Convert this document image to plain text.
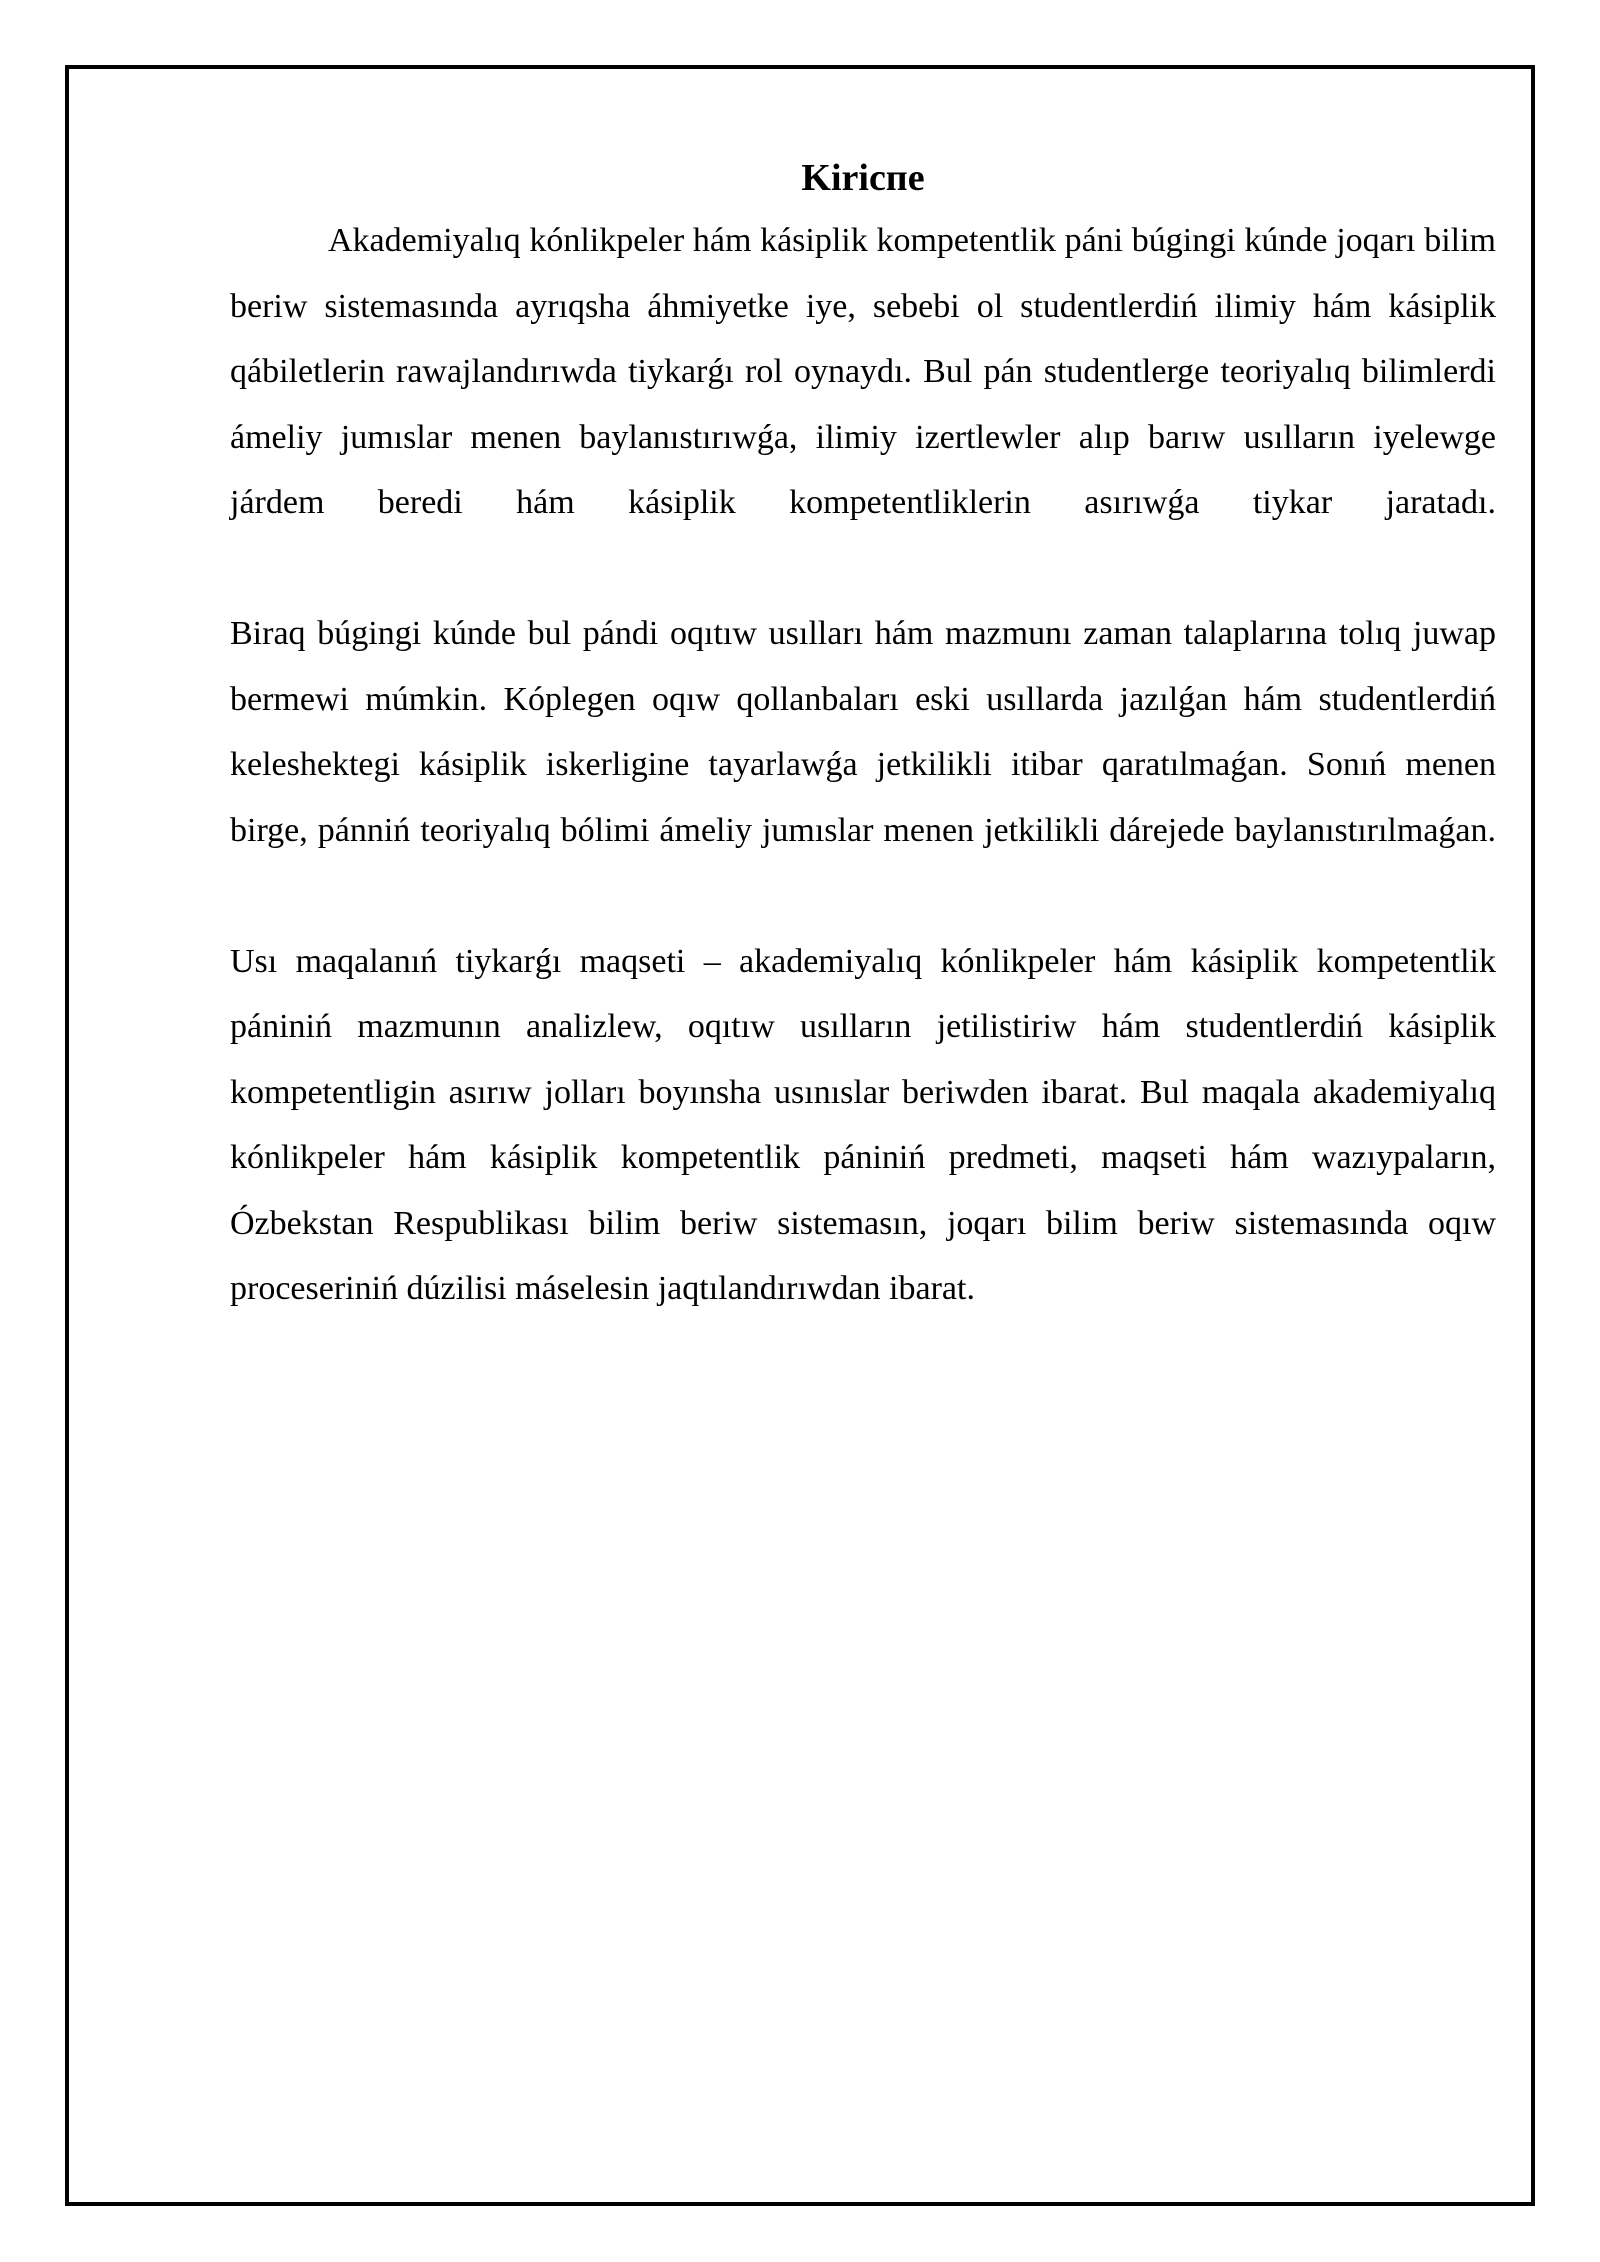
Kiriспe

Akademiyalıq kónlikpeler hám kásiplik kompetentlik páni búgingi kúnde joqarı bilim beriw sistemasında ayrıqsha áhmiyetke iye, sebebi ol studentlerdiń ilimiy hám kásiplik qábiletlerin rawajlandırıwda tiykarǵı rol oynaydı. Bul pán studentlerge teoriyalıq bilimlerdi ámeliy jumıslar menen baylanıstırıwǵa, ilimiy izertlewler alıp barıw usılların iyelewge járdem beredi hám kásiplik kompetentliklerin asırıwǵa tiykar jaratadı.

Biraq búgingi kúnde bul pándi oqıtıw usılları hám mazmunı zaman talaplarına tolıq juwap bermewi múmkin. Kóplegen oqıw qollanbaları eski usıllarda jazılǵan hám studentlerdiń keleshektegi kásiplik iskerligine tayarlawǵa jetkilikli itibar qaratılmaǵan. Sonıń menen birge, pánniń teoriyalıq bólimi ámeliy jumıslar menen jetkilikli dárejede baylanıstırılmaǵan.

Usı maqalanıń tiykarǵı maqseti – akademiyalıq kónlikpeler hám kásiplik kompetentlik pániniń mazmunın analizlew, oqıtıw usılların jetilistiriw hám studentlerdiń kásiplik kompetentligin asırıw jolları boyınsha usınıslar beriwden ibarat. Bul maqala akademiyalıq kónlikpeler hám kásiplik kompetentlik pániniń predmeti, maqseti hám wazıypaların, Ózbekstan Respublikası bilim beriw sistemasın, joqarı bilim beriw sistemasında oqıw proceseriniń dúzilisi máselesin jaqtılandırıwdan ibarat.
